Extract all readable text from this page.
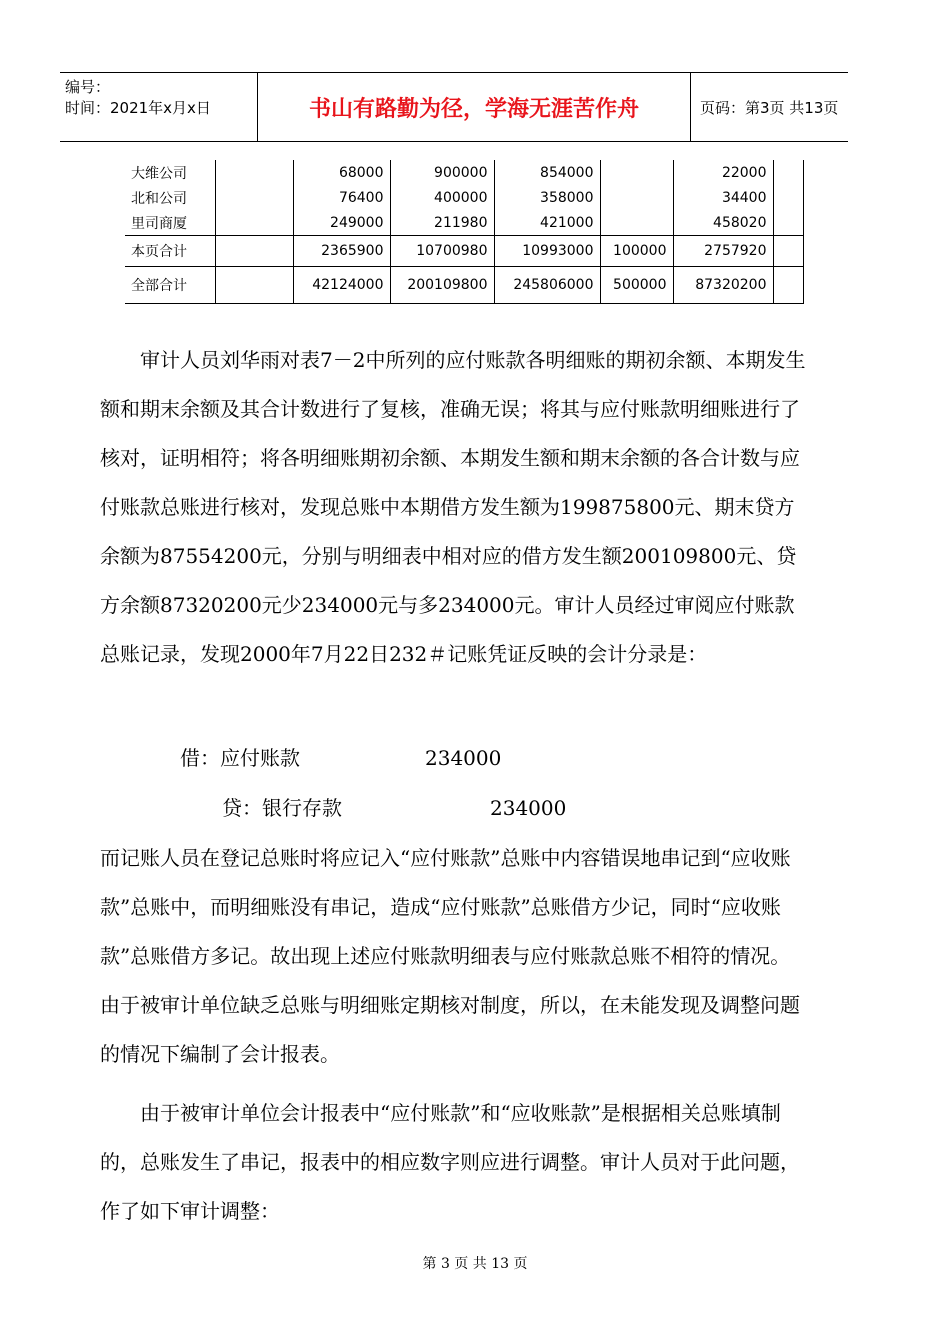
编号：
时间：2021年x月x日	书山有路勤为径，学海无涯苦作舟	页码：第3页 共13页
大维公司		68000	900000	854000		22000	
北和公司		76400	400000	358000		34400	
里司商厦		249000	211980	421000		458020	
本页合计		2365900	10700980	10993000	100000	2757920	
全部合计		42124000	200109800	245806000	500000	87320200	
审计人员刘华雨对表7－2中所列的应付账款各明细账的期初余额、本期发生额和期末余额及其合计数进行了复核，准确无误；将其与应付账款明细账进行了核对，证明相符；将各明细账期初余额、本期发生额和期末余额的各合计数与应付账款总账进行核对，发现总账中本期借方发生额为199875800元、期末贷方余额为87554200元，分别与明细表中相对应的借方发生额200109800元、贷方余额87320200元少234000元与多234000元。审计人员经过审阅应付账款总账记录，发现2000年7月22日232＃记账凭证反映的会计分录是：
借：应付账款	234000
贷：银行存款	234000
而记账人员在登记总账时将应记入“应付账款”总账中内容错误地串记到“应收账款”总账中，而明细账没有串记，造成“应付账款”总账借方少记，同时“应收账款”总账借方多记。故出现上述应付账款明细表与应付账款总账不相符的情况。由于被审计单位缺乏总账与明细账定期核对制度，所以，在未能发现及调整问题的情况下编制了会计报表。
由于被审计单位会计报表中“应付账款”和“应收账款”是根据相关总账填制的，总账发生了串记，报表中的相应数字则应进行调整。审计人员对于此问题，作了如下审计调整：
第 3 页 共 13 页
